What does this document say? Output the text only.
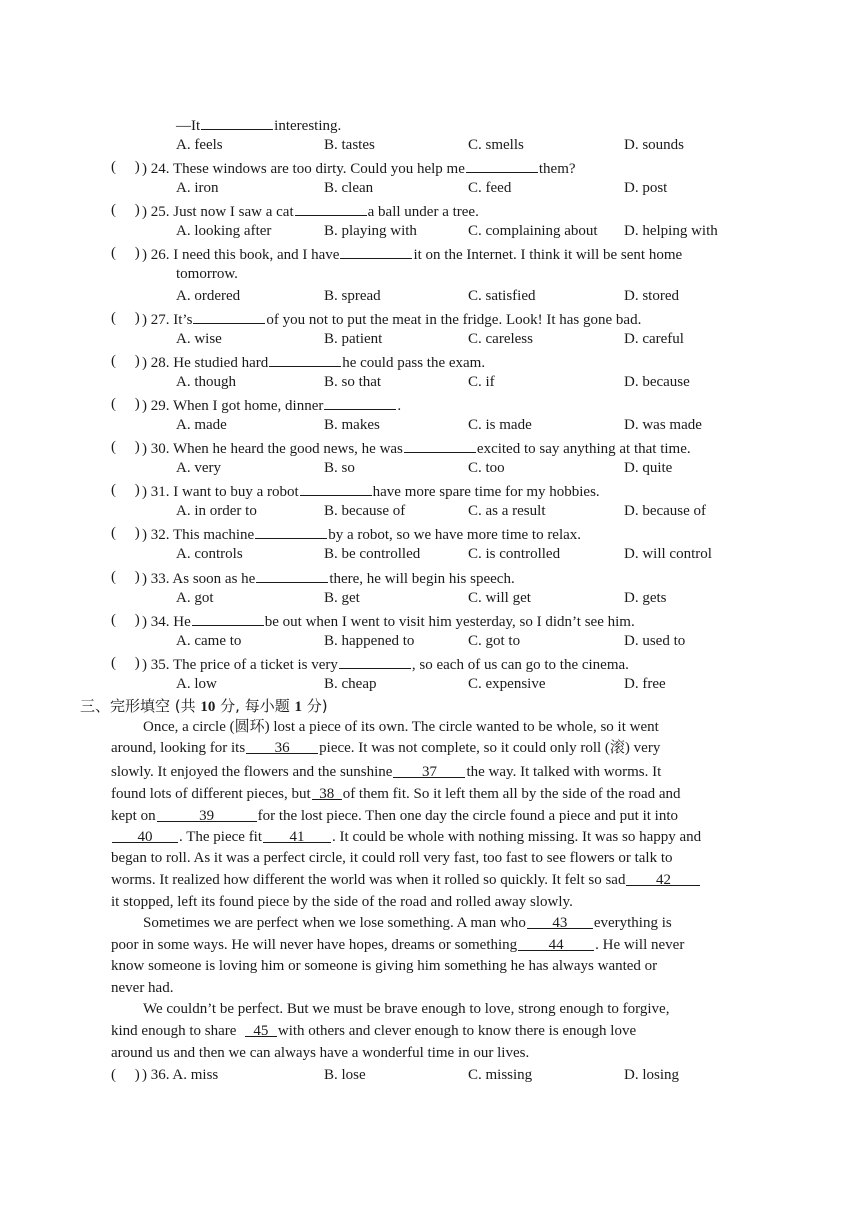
—It	interesting.
A. feels	B. tastes	C. smells	D. sounds
(　 ) ) 24. These windows are too dirty. Could you help me	them?
A. iron	B. clean	C. feed	D. post
(　 ) ) 25. Just now I saw a cat	a ball under a tree.
A. looking after	B. playing with	C. complaining about D. helping with
(　 ) ) 26. I need this book, and I have	it on the Internet. I think it will be sent home
tomorrow.
A. ordered	B. spread	C. satisfied	D. stored
(　 ) ) 27. It’s	of you not to put the meat in the fridge. Look! It has gone bad.
A. wise	B. patient	C. careless	D. careful
(　 ) ) 28. He studied hard	he could pass the exam.
A. though	B. so that	C. if	D. because
(　 ) ) 29. When I got home, dinner	.
A. made	B. makes	C. is made	D. was made
(　 ) ) 30. When he heard the good news, he was	excited to say anything at that time.
A. very	B. so	C. too	D. quite
(　 ) ) 31. I want to buy a robot	have more spare time for my hobbies.
A. in order to	B. because of	C. as a result	D. because of
(　 ) ) 32. This machine	by a robot, so we have more time to relax.
A. controls	B. be controlled	C. is controlled	D. will control
(　 ) ) 33. As soon as he	there, he will begin his speech.
A. got	B. get	C. will get	D. gets
(　 ) ) 34. He	be out when I went to visit him yesterday, so I didn’t see him.
A. came to	B. happened to	C. got to	D. used to
(　 ) ) 35. The price of a ticket is very	, so each of us can go to the cinema.
A. low	B. cheap	C. expensive	D. free
三、完形填空 (共 10 分, 每小题 1 分)
Once, a circle (圆环) lost a piece of its own. The circle wanted to be whole, so it went
around, looking for its 36 piece. It was not complete, so it could only roll (滚) very
slowly. It enjoyed the flowers and the sunshine 37 the way. It talked with worms. It
found lots of different pieces, but 38 of them fit. So it left them all by the side of the road and
kept on	39	for the lost piece. Then one day the circle found a piece and put it into
40 . The piece fit 41 . It could be whole with nothing missing. It was so happy and
began to roll. As it was a perfect circle, it could roll very fast, too fast to see flowers or talk to
worms. It realized how different the world was when it rolled so quickly. It felt so sad 42
it stopped, left its found piece by the side of the road and rolled away slowly.
Sometimes we are perfect when we lose something. A man who 43 everything is
poor in some ways. He will never have hopes, dreams or something 44 . He will never
know someone is loving him or someone is giving him something he has always wanted or
never had.
We couldn’t be perfect. But we must be brave enough to love, strong enough to forgive,
kind enough to share 45 with others and clever enough to know there is enough love
around us and then we can always have a wonderful time in our lives.
(　 ) ) 36. A. miss	B. lose	C. missing	D. losing
